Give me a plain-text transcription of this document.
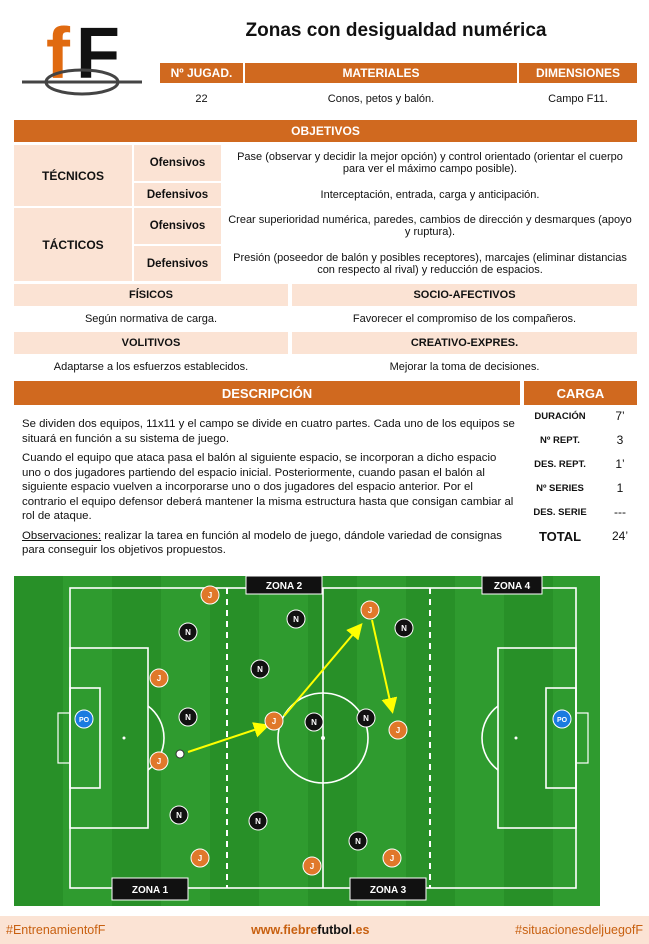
f F	Zonas con desigualdad numérica
Nº JUGAD.	MATERIALES	DIMENSIONES
22	Conos, petos y balón.	Campo F11.
OBJETIVOS
TÉCNICOS
Ofensivos	Pase (observar y decidir la mejor opción) y control orientado (orientar el cuerpo para ver el máximo campo posible).
Defensivos	Interceptación, entrada, carga y anticipación.
TÁCTICOS
Ofensivos	Crear superioridad numérica, paredes, cambios de dirección y desmarques (apoyo y ruptura).
Defensivos	Presión (poseedor de balón y posibles receptores), marcajes (eliminar distancias con respecto al rival) y reducción de espacios.
FÍSICOS	SOCIO-AFECTIVOS
Según normativa de carga.	Favorecer el compromiso de los compañeros.
VOLITIVOS	CREATIVO-EXPRES.
Adaptarse a los esfuerzos establecidos.	Mejorar la toma de decisiones.
DESCRIPCIÓN	CARGA

Se dividen dos equipos, 11x11 y el campo se divide en cuatro partes. Cada uno de los equipos se situará en función a su sistema de juego.

Cuando el equipo que ataca pasa el balón al siguiente espacio, se incorporan a dicho espacio uno o dos jugadores partiendo del espacio inicial. Posteriormente, cuando pasan el balón al siguiente espacio vuelven a incorporarse uno o dos jugadores del espacio anterior. Por el contrario el equipo defensor deberá mantener la misma estructura hasta que consigan cambiar al rol de ataque.

Observaciones: realizar la tarea en función al modelo de juego, dándole variedad de consignas para conseguir los objetivos propuestos.

DURACIÓN	7’
Nº REPT.	3
DES. REPT.	1’
Nº SERIES	1
DES. SERIE	---
TOTAL	24’
ZONA 1
ZONA 2
ZONA 3
ZONA 4
J
J
J
J
J
J
J
J
J
N
N
N
N
N
N	N
N
N
N
PO	PO
#EntrenamientofF	www.fiebrefutbol.es	#situacionesdeljuegofF
